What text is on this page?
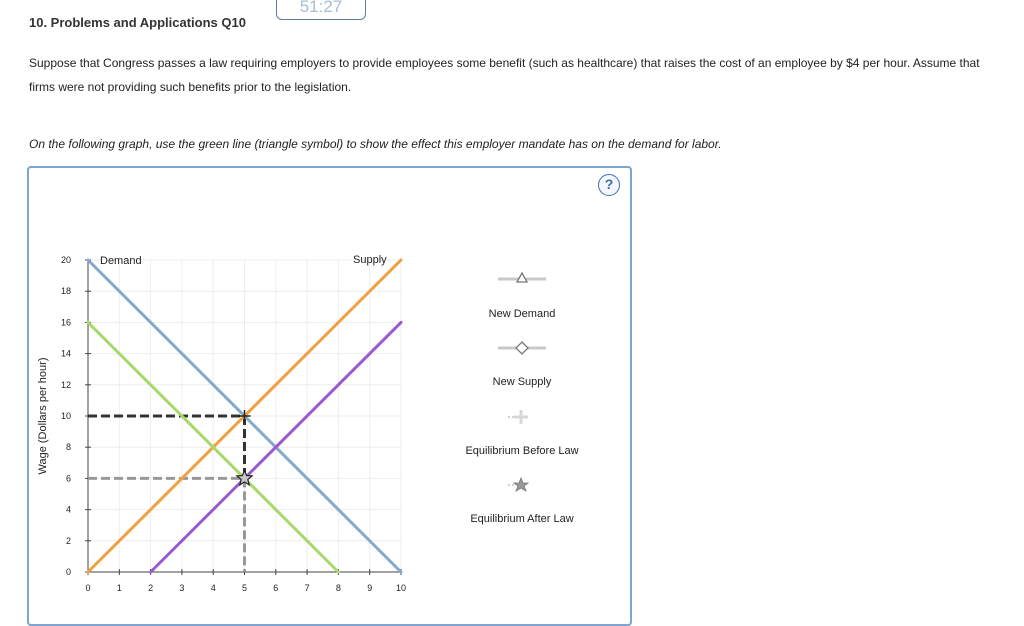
51:27
10. Problems and Applications Q10
Suppose that Congress passes a law requiring employers to provide employees some benefit (such as healthcare) that raises the cost of an employee by $4 per hour. Assume that firms were not providing such benefits prior to the legislation.
On the following graph, use the green line (triangle symbol) to show the effect this employer mandate has on the demand for labor.
?
0
2
4
6
8
10
12
14
16
18
20
0	1	2	3	4	5	6	7	8	9	10
Wage (Dollars per hour)
Demand	Supply
New Demand
New Supply
Equilibrium Before Law
Equilibrium After Law
